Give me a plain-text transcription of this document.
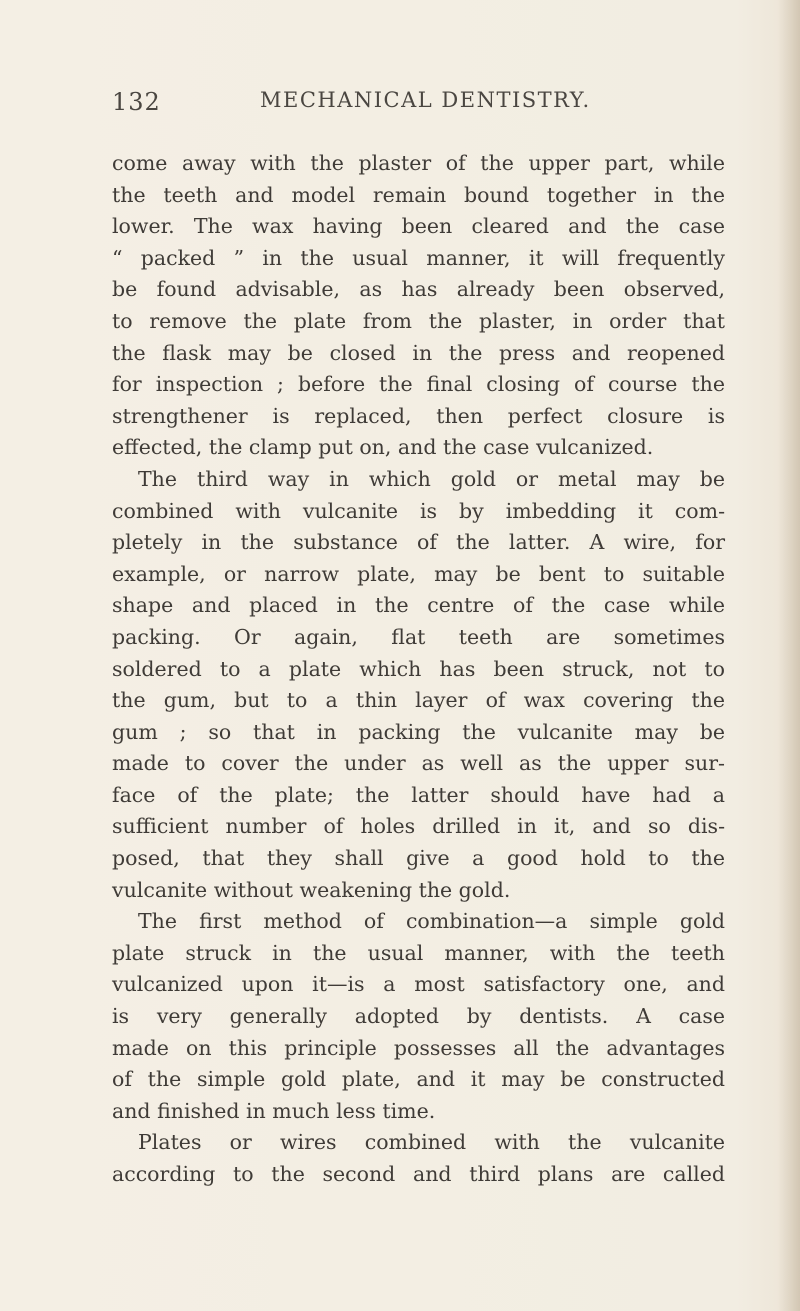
132	MECHANICAL DENTISTRY.
come away with the plaster of the upper part, while
the teeth and model remain bound together in the
lower. The wax having been cleared and the case
“ packed ” in the usual manner, it will frequently
be found advisable, as has already been observed,
to remove the plate from the plaster, in order that
the flask may be closed in the press and reopened
for inspection ; before the final closing of course the
strengthener is replaced, then perfect closure is
effected, the clamp put on, and the case vulcanized.
The third way in which gold or metal may be
combined with vulcanite is by imbedding it com-
pletely in the substance of the latter. A wire, for
example, or narrow plate, may be bent to suitable
shape and placed in the centre of the case while
packing. Or again, flat teeth are sometimes
soldered to a plate which has been struck, not to
the gum, but to a thin layer of wax covering the
gum ; so that in packing the vulcanite may be
made to cover the under as well as the upper sur-
face of the plate; the latter should have had a
sufficient number of holes drilled in it, and so dis-
posed, that they shall give a good hold to the
vulcanite without weakening the gold.
The first method of combination—a simple gold
plate struck in the usual manner, with the teeth
vulcanized upon it—is a most satisfactory one, and
is very generally adopted by dentists. A case
made on this principle possesses all the advantages
of the simple gold plate, and it may be constructed
and finished in much less time.
Plates or wires combined with the vulcanite
according to the second and third plans are called
